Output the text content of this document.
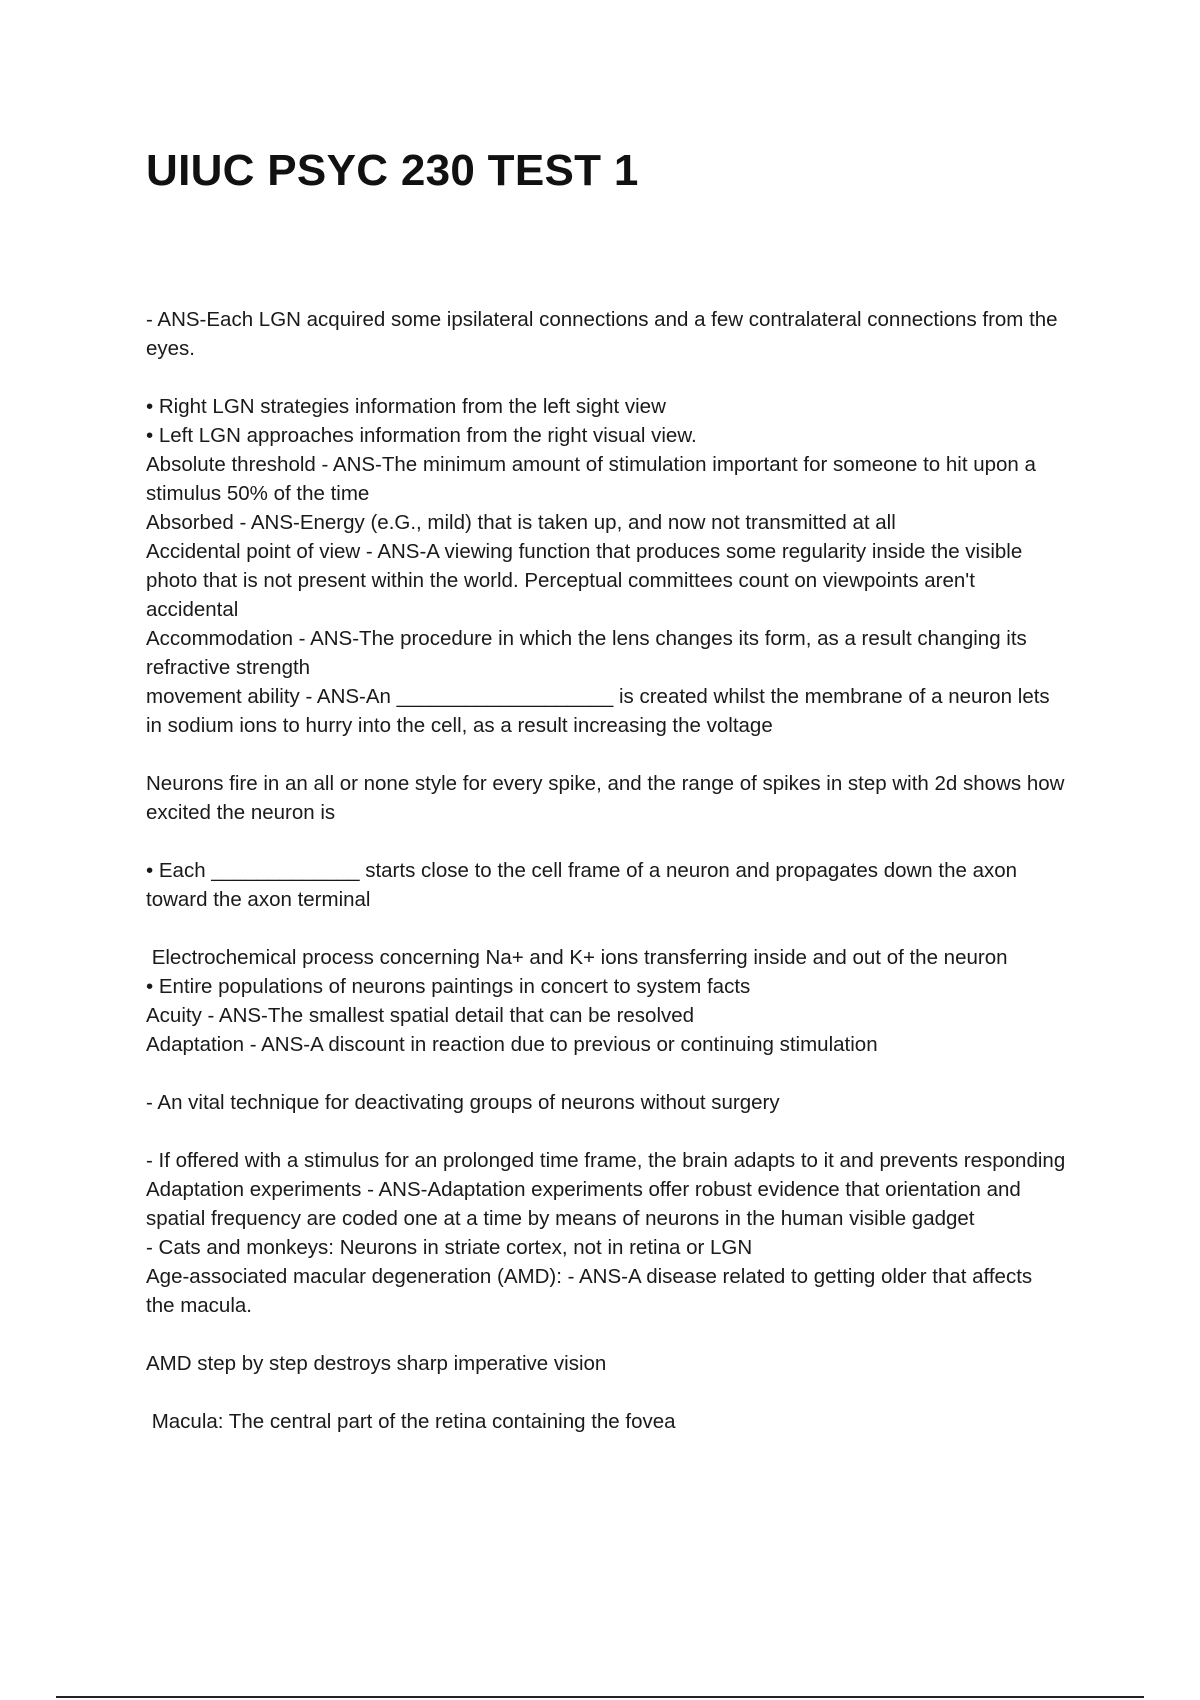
UIUC PSYC 230 TEST 1

- ANS-Each LGN acquired some ipsilateral connections and a few contralateral connections from the eyes.

• Right LGN strategies information from the left sight view

• Left LGN approaches information from the right visual view.

Absolute threshold - ANS-The minimum amount of stimulation important for someone to hit upon a stimulus 50% of the time

Absorbed - ANS-Energy (e.G., mild) that is taken up, and now not transmitted at all

Accidental point of view - ANS-A viewing function that produces some regularity inside the visible photo that is not present within the world. Perceptual committees count on viewpoints aren't accidental

Accommodation - ANS-The procedure in which the lens changes its form, as a result changing its refractive strength

movement ability - ANS-An ___________________ is created whilst the membrane of a neuron lets in sodium ions to hurry into the cell, as a result increasing the voltage

Neurons fire in an all or none style for every spike, and the range of spikes in step with 2d shows how excited the neuron is

• Each _____________ starts close to the cell frame of a neuron and propagates down the axon toward the axon terminal

Electrochemical process concerning Na+ and K+ ions transferring inside and out of the neuron

• Entire populations of neurons paintings in concert to system facts

Acuity - ANS-The smallest spatial detail that can be resolved

Adaptation - ANS-A discount in reaction due to previous or continuing stimulation

- An vital technique for deactivating groups of neurons without surgery

- If offered with a stimulus for an prolonged time frame, the brain adapts to it and prevents responding

Adaptation experiments - ANS-Adaptation experiments offer robust evidence that orientation and spatial frequency are coded one at a time by means of neurons in the human visible gadget

- Cats and monkeys: Neurons in striate cortex, not in retina or LGN

Age-associated macular degeneration (AMD): - ANS-A disease related to getting older that affects the macula.

AMD step by step destroys sharp imperative vision

Macula: The central part of the retina containing the fovea
